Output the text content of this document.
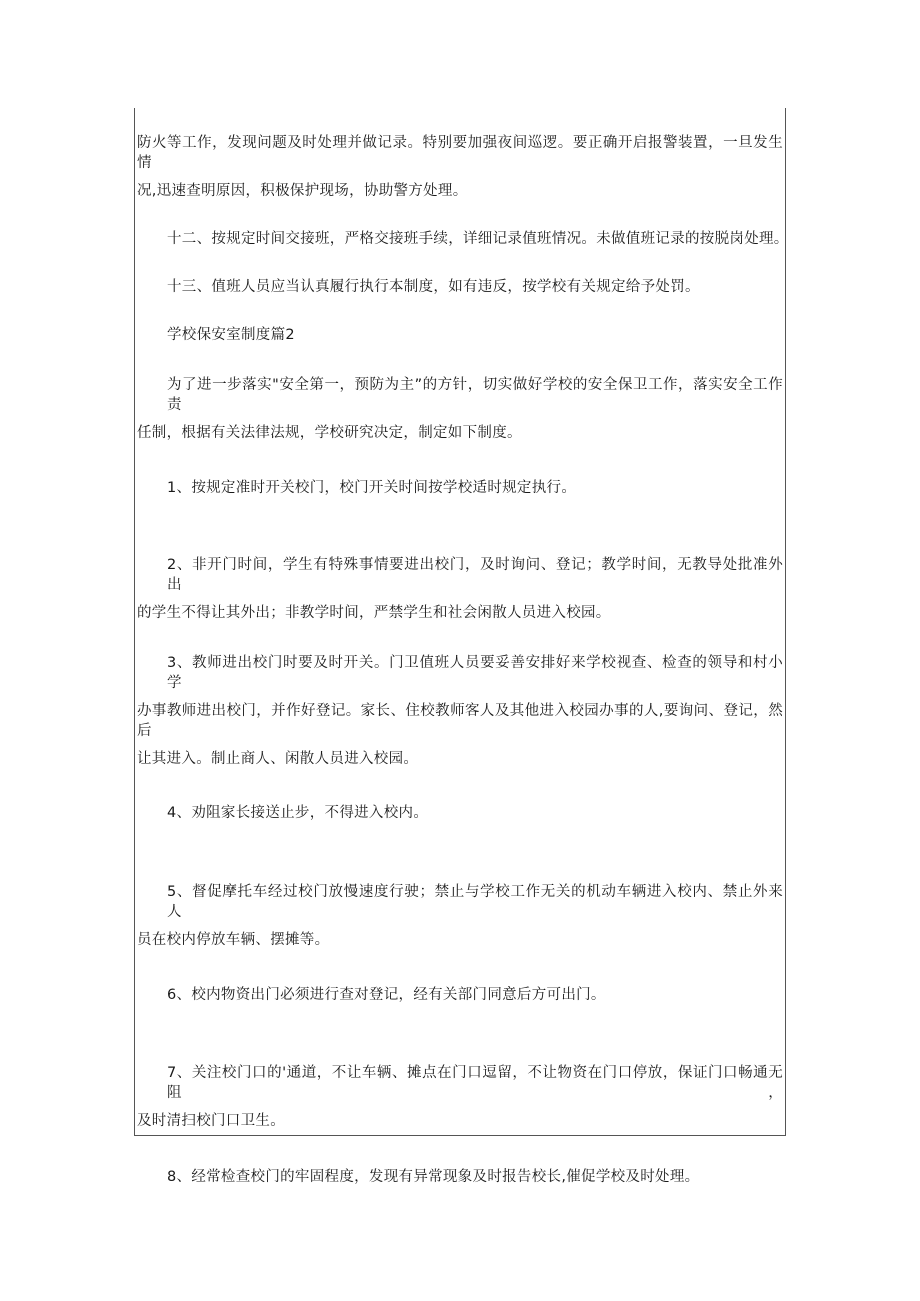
防火等工作，发现问题及时处理并做记录。特别要加强夜间巡逻。要正确开启报警装置，一旦发生情
况,迅速查明原因，积极保护现场，协助警方处理。
十二、按规定时间交接班，严格交接班手续，详细记录值班情况。未做值班记录的按脱岗处理。
十三、值班人员应当认真履行执行本制度，如有违反，按学校有关规定给予处罚。
学校保安室制度篇2
为了进一步落实"安全第一，预防为主”的方针，切实做好学校的安全保卫工作，落实安全工作责
任制，根据有关法律法规，学校研究决定，制定如下制度。
1、按规定准时开关校门，校门开关时间按学校适时规定执行。
2、非开门时间，学生有特殊事情要进出校门，及时询问、登记；教学时间，无教导处批准外出
的学生不得让其外出；非教学时间，严禁学生和社会闲散人员进入校园。
3、教师进出校门时要及时开关。门卫值班人员要妥善安排好来学校视查、检查的领导和村小学
办事教师进出校门，并作好登记。家长、住校教师客人及其他进入校园办事的人,要询问、登记，然后
让其进入。制止商人、闲散人员进入校园。
4、劝阻家长接送止步，不得进入校内。
5、督促摩托车经过校门放慢速度行驶；禁止与学校工作无关的机动车辆进入校内、禁止外来人
员在校内停放车辆、摆摊等。
6、校内物资出门必须进行查对登记，经有关部门同意后方可出门。
7、关注校门口的'通道，不让车辆、摊点在门口逗留，不让物资在门口停放，保证门口畅通无阻，
及时清扫校门口卫生。
8、经常检查校门的牢固程度，发现有异常现象及时报告校长,催促学校及时处理。
